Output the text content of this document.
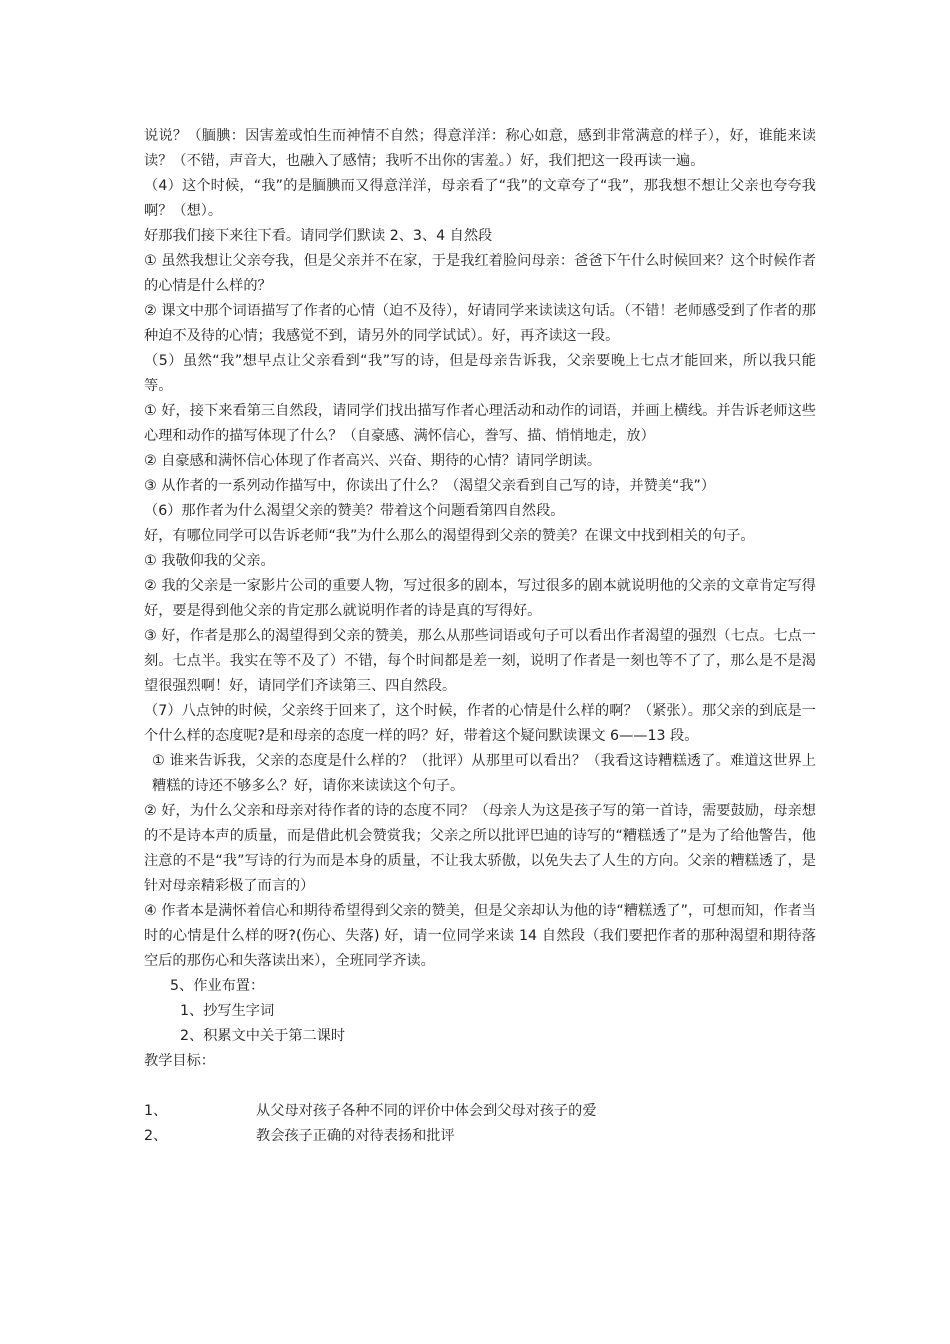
说说？（腼腆：因害羞或怕生而神情不自然；得意洋洋：称心如意，感到非常满意的样子），好，谁能来读读？（不错，声音大，也融入了感情；我听不出你的害羞。）好，我们把这一段再读一遍。

（4）这个时候，“我”的是腼腆而又得意洋洋，母亲看了“我”的文章夸了“我”，那我想不想让父亲也夸夸我啊？（想）。

好那我们接下来往下看。请同学们默读 2、3、4 自然段

① 虽然我想让父亲夸我，但是父亲并不在家，于是我红着脸问母亲：爸爸下午什么时候回来？这个时候作者的心情是什么样的？

② 课文中那个词语描写了作者的心情（迫不及待），好请同学来读读这句话。（不错！老师感受到了作者的那种迫不及待的心情；我感觉不到，请另外的同学试试）。好，再齐读这一段。

（5）虽然“我”想早点让父亲看到“我”写的诗，但是母亲告诉我，父亲要晚上七点才能回来，所以我只能等。

① 好，接下来看第三自然段，请同学们找出描写作者心理活动和动作的词语，并画上横线。并告诉老师这些心理和动作的描写体现了什么？（自豪感、满怀信心，誊写、描、悄悄地走，放）

② 自豪感和满怀信心体现了作者高兴、兴奋、期待的心情？请同学朗读。

③ 从作者的一系列动作描写中，你读出了什么？（渴望父亲看到自己写的诗，并赞美“我”）

（6）那作者为什么渴望父亲的赞美？带着这个问题看第四自然段。

好，有哪位同学可以告诉老师“我”为什么那么的渴望得到父亲的赞美？在课文中找到相关的句子。

① 我敬仰我的父亲。

② 我的父亲是一家影片公司的重要人物，写过很多的剧本，写过很多的剧本就说明他的父亲的文章肯定写得好，要是得到他父亲的肯定那么就说明作者的诗是真的写得好。

③ 好，作者是那么的渴望得到父亲的赞美，那么从那些词语或句子可以看出作者渴望的强烈（七点。七点一刻。七点半。我实在等不及了）不错，每个时间都是差一刻，说明了作者是一刻也等不了了，那么是不是渴望很强烈啊！好，请同学们齐读第三、四自然段。

（7）八点钟的时候，父亲终于回来了，这个时候，作者的心情是什么样的啊？（紧张）。那父亲的到底是一个什么样的态度呢?是和母亲的态度一样的吗？好，带着这个疑问默读课文 6——13 段。

① 谁来告诉我，父亲的态度是什么样的？（批评）从那里可以看出？（我看这诗糟糕透了。难道这世界上糟糕的诗还不够多么？好，请你来读读这个句子。

② 好，为什么父亲和母亲对待作者的诗的态度不同？（母亲人为这是孩子写的第一首诗，需要鼓励，母亲想的不是诗本声的质量，而是借此机会赞赏我；父亲之所以批评巴迪的诗写的“糟糕透了”是为了给他警告，他注意的不是“我”写诗的行为而是本身的质量，不让我太骄傲，以免失去了人生的方向。父亲的糟糕透了，是针对母亲精彩极了而言的）

④ 作者本是满怀着信心和期待希望得到父亲的赞美，但是父亲却认为他的诗“糟糕透了”，可想而知，作者当时的心情是什么样的呀?(伤心、失落) 好，请一位同学来读 14 自然段（我们要把作者的那种渴望和期待落空后的那伤心和失落读出来），全班同学齐读。

5、作业布置：

1、抄写生字词

2、积累文中关于第二课时

教学目标：

1、	从父母对孩子各种不同的评价中体会到父母对孩子的爱
2、	教会孩子正确的对待表扬和批评
